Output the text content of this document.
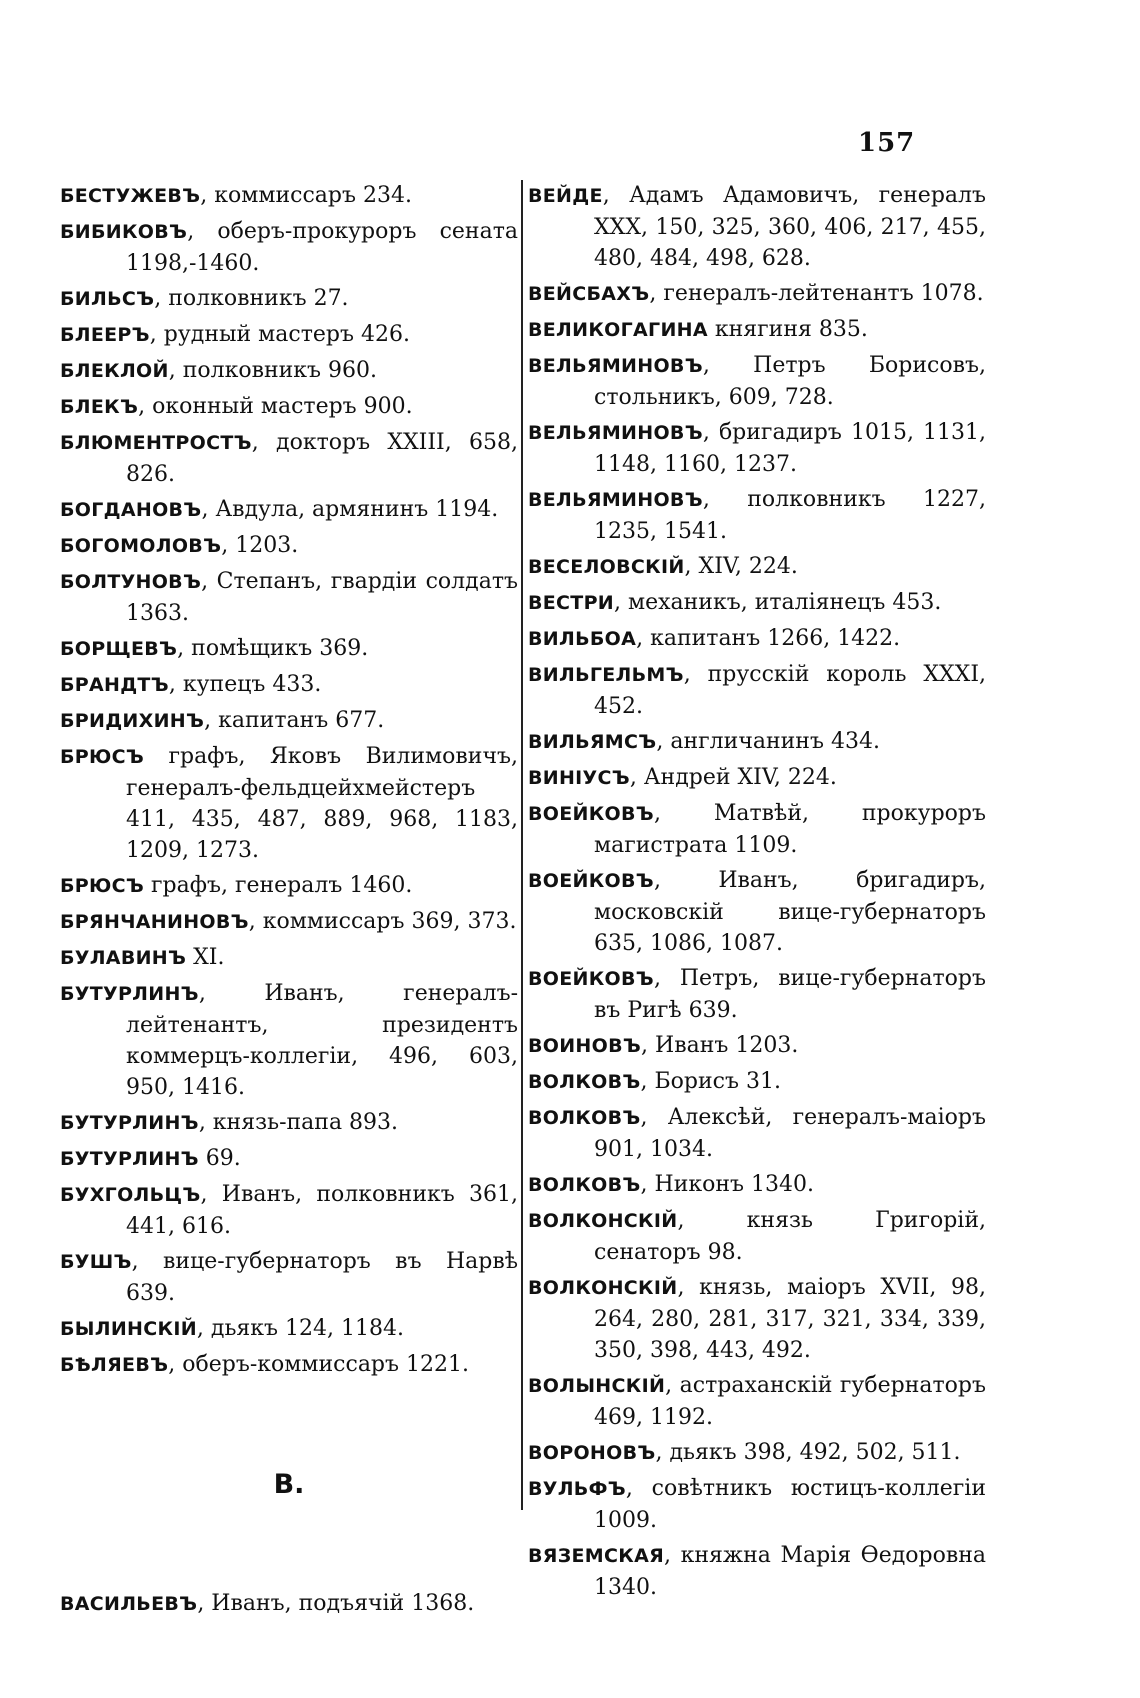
157
БЕСТУЖЕВЪ, коммиссаръ 234.
БИБИКОВЪ, оберъ-прокуроръ сената 1198,-1460.
БИЛЬСЪ, полковникъ 27.
БЛЕЕРЪ, рудный мастеръ 426.
БЛЕКЛОЙ, полковникъ 960.
БЛЕКЪ, оконный мастеръ 900.
БЛЮМЕНТРОСТЪ, докторъ XXIII, 658, 826.
БОГДАНОВЪ, Авдулa, армянинъ 1194.
БОГОМОЛОВЪ, 1203.
БОЛТУНОВЪ, Степанъ, гвардіи солдатъ 1363.
БОРЩЕВЪ, помѣщикъ 369.
БРАНДТЪ, купецъ 433.
БРИДИХИНЪ, капитанъ 677.
БРЮСЪ графъ, Яковъ Вилимовичъ, генералъ-фельдцейхмейстеръ 411, 435, 487, 889, 968, 1183, 1209, 1273.
БРЮСЪ графъ, генералъ 1460.
БРЯНЧАНИНОВЪ, коммиссаръ 369, 373.
БУЛАВИНЪ XI.
БУТУРЛИНЪ, Иванъ, генералъ-лейтенантъ, президентъ коммерцъ-коллегіи, 496, 603, 950, 1416.
БУТУРЛИНЪ, князь-папа 893.
БУТУРЛИНЪ 69.
БУХГОЛЬЦЪ, Иванъ, полковникъ 361, 441, 616.
БУШЪ, вице-губернаторъ въ Нарвѣ 639.
БЫЛИНСКІЙ, дьякъ 124, 1184.
БѢЛЯЕВЪ, оберъ-коммиссаръ 1221.
В.
ВАСИЛЬЕВЪ, Иванъ, подъячій 1368.
ВЕЙДЕ, Адамъ Адамовичъ, генералъ XXX, 150, 325, 360, 406, 217, 455, 480, 484, 498, 628.
ВЕЙСБАХЪ, генералъ-лейтенантъ 1078.
ВЕЛИКОГАГИНА княгиня 835.
ВЕЛЬЯМИНОВЪ, Петръ Борисовъ, стольникъ, 609, 728.
ВЕЛЬЯМИНОВЪ, бригадиръ 1015, 1131, 1148, 1160, 1237.
ВЕЛЬЯМИНОВЪ, полковникъ 1227, 1235, 1541.
ВЕСЕЛОВСКІЙ, XIV, 224.
ВЕСТРИ, механикъ, италіянецъ 453.
ВИЛЬБОА, капитанъ 1266, 1422.
ВИЛЬГЕЛЬМЪ, прусскій король XXXI, 452.
ВИЛЬЯМСЪ, англичанинъ 434.
ВИНІУСЪ, Андрей XIV, 224.
ВОЕЙКОВЪ, Матвѣй, прокуроръ магистрата 1109.
ВОЕЙКОВЪ, Иванъ, бригадиръ, московскій вице-губернаторъ 635, 1086, 1087.
ВОЕЙКОВЪ, Петръ, вице-губернаторъ въ Ригѣ 639.
ВОИНОВЪ, Иванъ 1203.
ВОЛКОВЪ, Борисъ 31.
ВОЛКОВЪ, Алексѣй, генералъ-маіоръ 901, 1034.
ВОЛКОВЪ, Никонъ 1340.
ВОЛКОНСКІЙ, князь Григорій, сенаторъ 98.
ВОЛКОНСКІЙ, князь, маіоръ XVII, 98, 264, 280, 281, 317, 321, 334, 339, 350, 398, 443, 492.
ВОЛЫНСКІЙ, астраханскій губернаторъ 469, 1192.
ВОРОНОВЪ, дьякъ 398, 492, 502, 511.
ВУЛЬФЪ, совѣтникъ юстицъ-коллегіи 1009.
ВЯЗЕМСКАЯ, княжна Марія Ѳедоровна 1340.
